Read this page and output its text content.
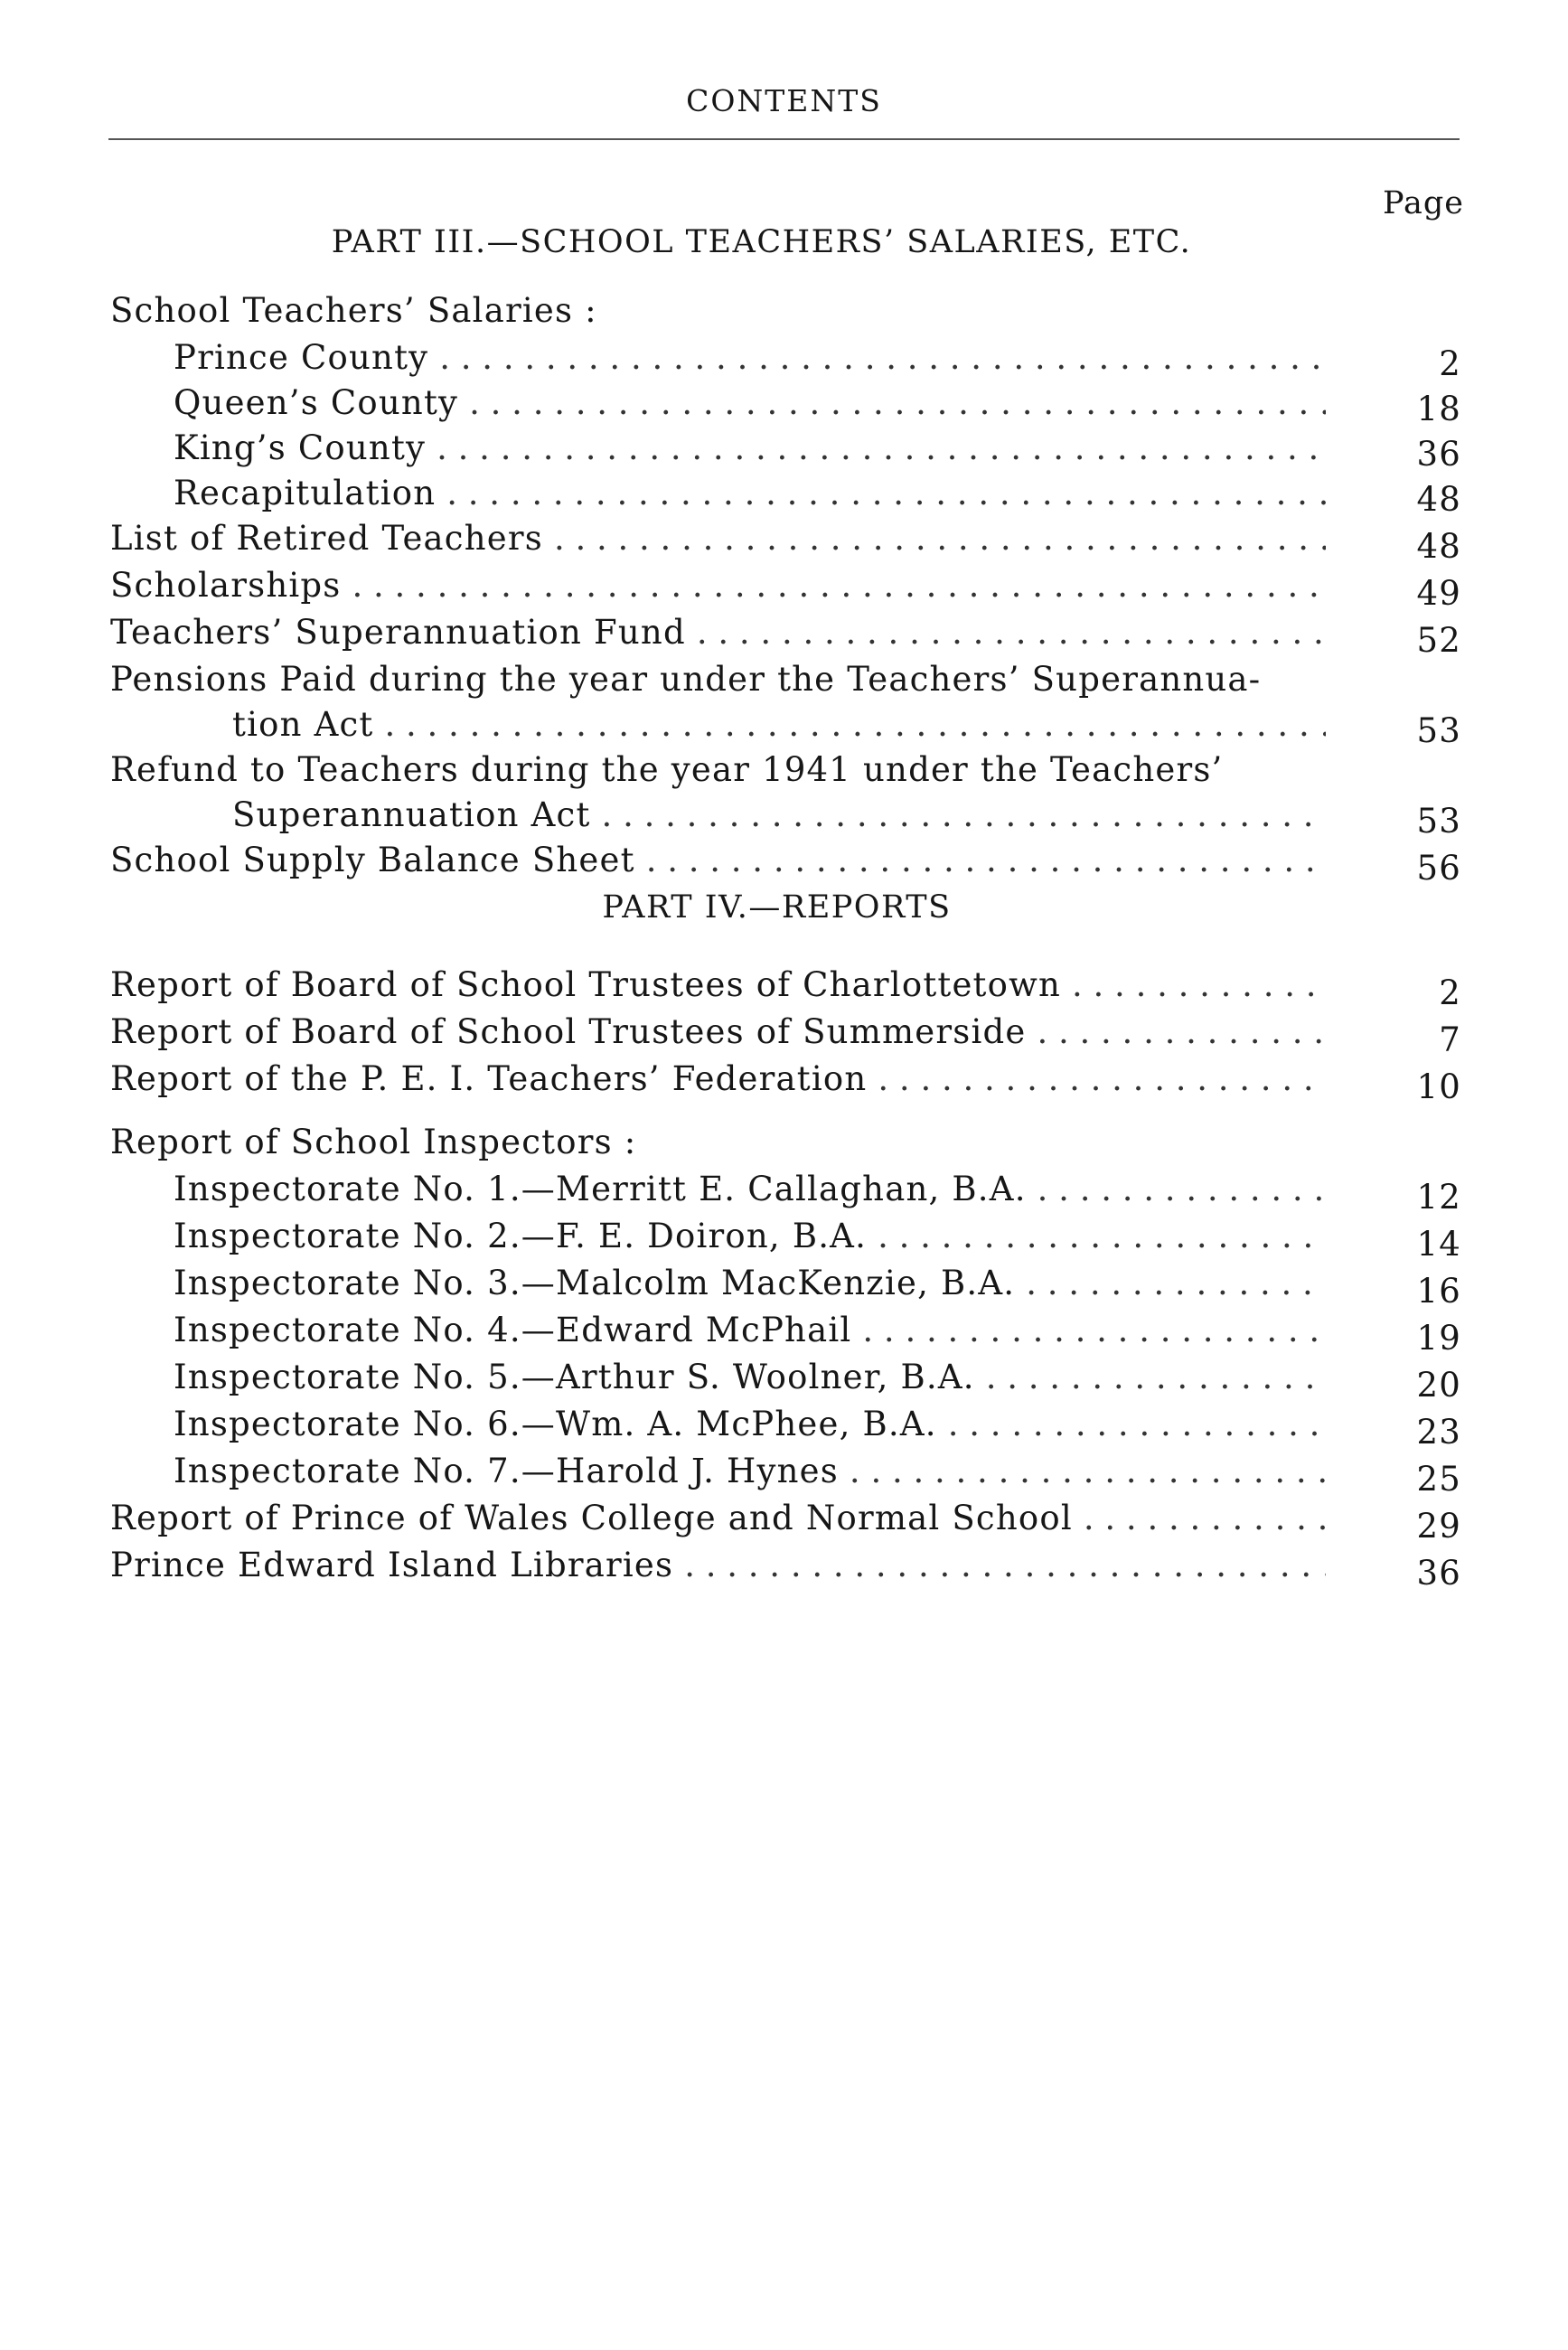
CONTENTS
Page
PART III.—SCHOOL TEACHERS’ SALARIES, ETC.
School Teachers’ Salaries :
Prince County . . .	2
Queen’s County . . .	18
King’s County . . .	36
Recapitulation . . .	48
List of Retired Teachers . . .	48
Scholarships . . .	49
Teachers’ Superannuation Fund . . .	52
Pensions Paid during the year under the Teachers’ Superannua-
tion Act . . .	53
Refund to Teachers during the year 1941 under the Teachers’
Superannuation Act . . .	53
School Supply Balance Sheet . . .	56
PART IV.—REPORTS
Report of Board of School Trustees of Charlottetown . . .	2
Report of Board of School Trustees of Summerside . . .	7
Report of the P. E. I. Teachers’ Federation . . .	10
Report of School Inspectors :
Inspectorate No. 1.—Merritt E. Callaghan, B.A. . . .	12
Inspectorate No. 2.—F. E. Doiron, B.A. . . .	14
Inspectorate No. 3.—Malcolm MacKenzie, B.A. . . .	16
Inspectorate No. 4.—Edward McPhail . . .	19
Inspectorate No. 5.—Arthur S. Woolner, B.A. . . .	20
Inspectorate No. 6.—Wm. A. McPhee, B.A. . . .	23
Inspectorate No. 7.—Harold J. Hynes . . .	25
Report of Prince of Wales College and Normal School . . .	29
Prince Edward Island Libraries . . .	36
